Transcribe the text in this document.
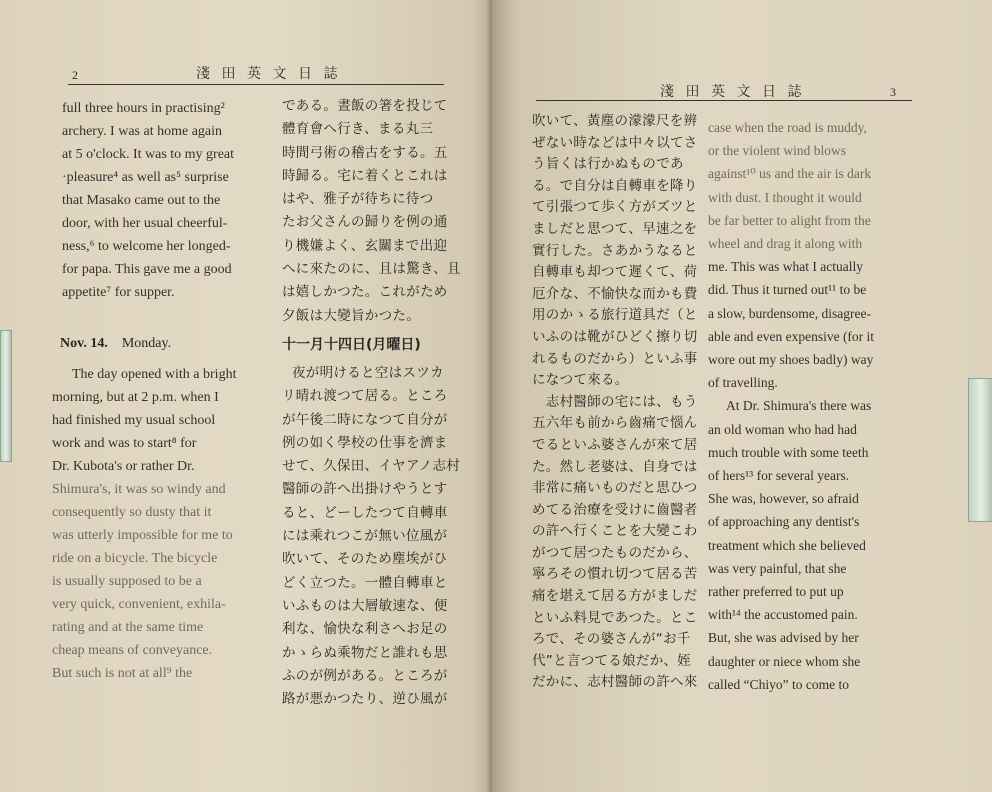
2	淺 田 英 文 日 誌

full three hours in practising²

archery. I was at home again

at 5 o'clock. It was to my great

·pleasure⁴ as well as⁵ surprise

that Masako came out to the

door, with her usual cheerful-

ness,⁶ to welcome her longed-

for papa. This gave me a good

appetite⁷ for supper.

である。晝飯の箸を投じて

體育會へ行き、まる丸三

時間弓術の稽古をする。五

時歸る。宅に着くとこれは

はや、雅子が待ちに待つ

たお父さんの歸りを例の通

り機嫌よく、玄關まで出迎

へに來たのに、且は驚き、且

は嬉しかつた。これがため

夕飯は大變旨かつた。

Nov. 14. Monday.	十一月十四日(月曜日)

The day opened with a bright

morning, but at 2 p.m. when I

had finished my usual school

work and was to start⁸ for

Dr. Kubota's or rather Dr.

Shimura's, it was so windy and

consequently so dusty that it

was utterly impossible for me to

ride on a bicycle. The bicycle

is usually supposed to be a

very quick, convenient, exhila-

rating and at the same time

cheap means of conveyance.

But such is not at all⁹ the

夜が明けると空はスツカ

リ晴れ渡つて居る。ところ

が午後二時になつて自分が

例の如く學校の仕事を濟ま

せて、久保田、イヤアノ志村

醫師の許へ出掛けやうとす

ると、どーしたつて自轉車

には乘れつこが無い位風が

吹いて、そのため塵埃がひ

どく立つた。一體自轉車と

いふものは大層敏速な、便

利な、愉快な利さへお足の

かゝらぬ乘物だと誰れも思

ふのが例がある。ところが

路が悪かつたり、逆ひ風が

淺 田 英 文 日 誌	3

吹いて、黃塵の濛濛尺を辨

ぜない時などは中々以てさ

う旨くは行かぬものであ

る。で自分は自轉車を降り

て引張つて歩く方がズツと

ましだと思つて、早速之を

實行した。さあかうなると

自轉車も却つて遲くて、荷

厄介な、不愉快な而かも費

用のかゝる旅行道具だ（と

いふのは靴がひどく擦り切

れるものだから）といふ事

になつて來る。

　志村醫師の宅には、もう

五六年も前から齒痛で惱ん

でるといふ婆さんが來て居

た。然し老婆は、自身では

非常に痛いものだと思ひつ

めてる治療を受けに齒醫者

の許へ行くことを大變こわ

がつて居つたものだから、

寧ろその慣れ切つて居る苦

痛を堪えて居る方がましだ

といふ料見であつた。とこ

ろで、その婆さんが“お千

代”と言つてる娘だか、姪

だかに、志村醫師の許へ來

case when the road is muddy,

or the violent wind blows

against¹⁰ us and the air is dark

with dust. I thought it would

be far better to alight from the

wheel and drag it along with

me. This was what I actually

did. Thus it turned out¹¹ to be

a slow, burdensome, disagree-

able and even expensive (for it

wore out my shoes badly) way

of travelling.

At Dr. Shimura's there was

an old woman who had had

much trouble with some teeth

of hers¹³ for several years.

She was, however, so afraid

of approaching any dentist's

treatment which she believed

was very painful, that she

rather preferred to put up

with¹⁴ the accustomed pain.

But, she was advised by her

daughter or niece whom she

called “Chiyo” to come to
